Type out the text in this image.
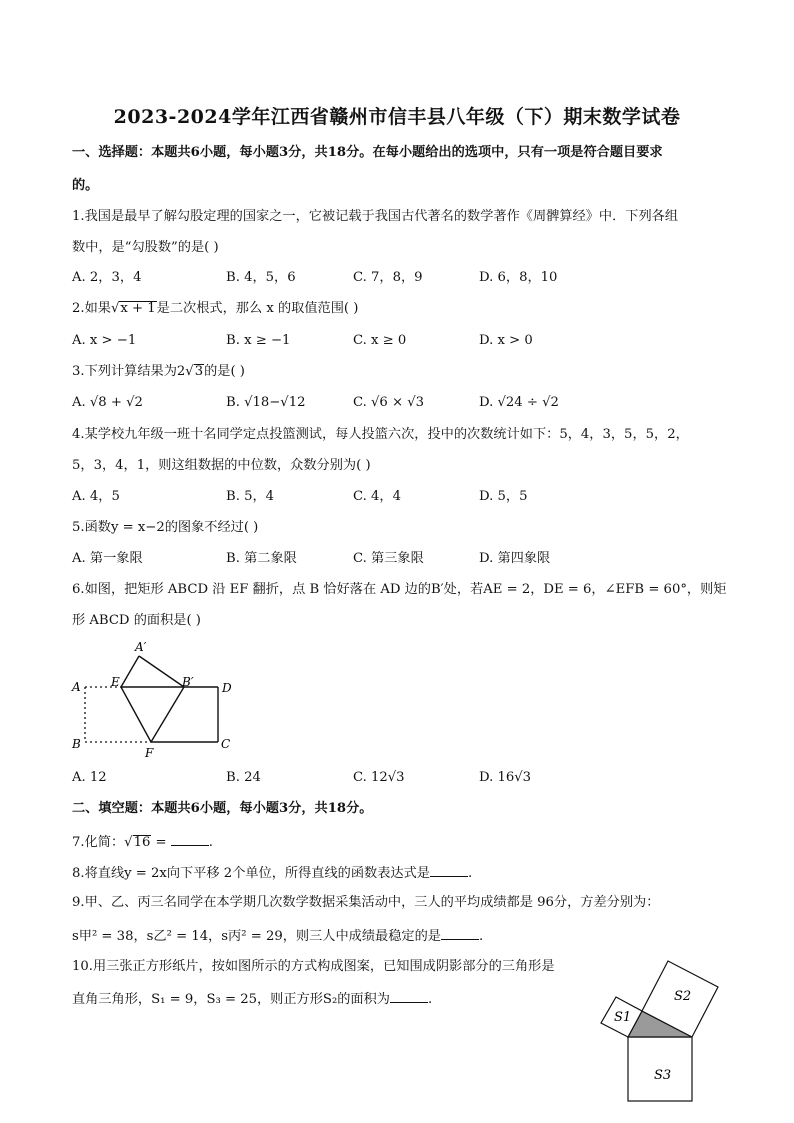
2023-2024学年江西省赣州市信丰县八年级（下）期末数学试卷
一、选择题：本题共6小题，每小题3分，共18分。在每小题给出的选项中，只有一项是符合题目要求
的。
1.我国是最早了解勾股定理的国家之一，它被记载于我国古代著名的数学著作《周髀算经》中．下列各组
数中，是“勾股数”的是( )
A. 2，3，4	B. 4，5，6	C. 7，8，9	D. 6，8，10
2.如果√x + 1是二次根式，那么 x 的取值范围( )
A. x > −1	B. x ≥ −1	C. x ≥ 0	D. x > 0
3.下列计算结果为2√3的是( )
A. √8 + √2	B. √18−√12	C. √6 × √3	D. √24 ÷ √2
4.某学校九年级一班十名同学定点投篮测试，每人投篮六次，投中的次数统计如下：5，4，3，5，5，2，
5，3，4，1，则这组数据的中位数，众数分别为( )
A. 4，5	B. 5，4	C. 4，4	D. 5，5
5.函数y = x−2的图象不经过( )
A. 第一象限	B. 第二象限	C. 第三象限	D. 第四象限
6.如图，把矩形 ABCD 沿 EF 翻折，点 B 恰好落在 AD 边的B′处，若AE = 2，DE = 6，∠EFB = 60°，则矩
形 ABCD 的面积是( )
A′
A	E	B′ D
B
F
C
A. 12	B. 24	C. 12√3	D. 16√3
二、填空题：本题共6小题，每小题3分，共18分。
7.化简：√16 =	.
8.将直线y = 2x向下平移 2个单位，所得直线的函数表达式是	.
9.甲、乙、丙三名同学在本学期几次数学数据采集活动中，三人的平均成绩都是 96分，方差分别为：
s甲² = 38，s乙² = 14，s丙² = 29，则三人中成绩最稳定的是	.
10.用三张正方形纸片，按如图所示的方式构成图案，已知围成阴影部分的三角形是
直角三角形，S₁ = 9，S₃ = 25，则正方形S₂的面积为	.
S1
S2
S3
